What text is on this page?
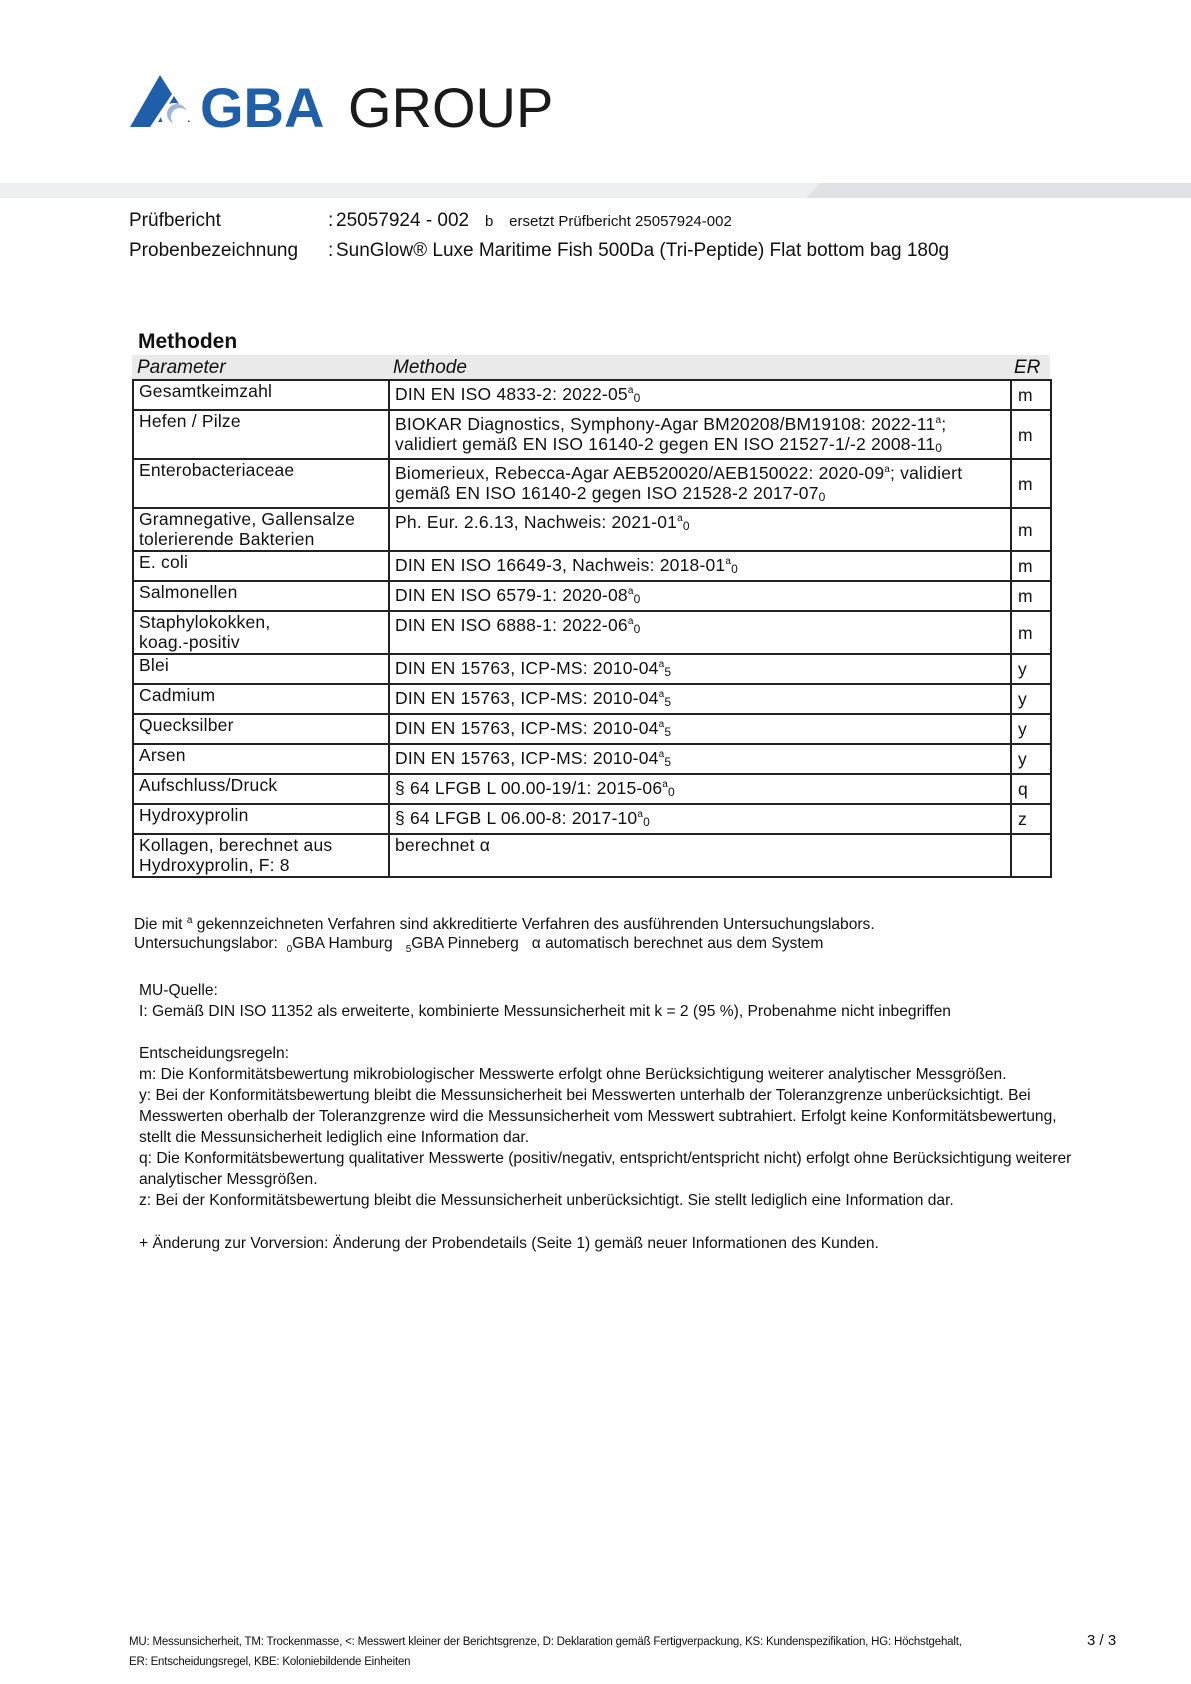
GBA GROUP
Prüfbericht	: 25057924 - 002 b ersetzt Prüfbericht 25057924-002
Probenbezeichnung : SunGlow® Luxe Maritime Fish 500Da (Tri-Peptide) Flat bottom bag 180g
Methoden
Parameter	Methode	ER
Gesamtkeimzahl	DIN EN ISO 4833-2: $2022-05^a_0$	m

Hefen / Pilze	BIOKAR Diagnostics, Symphony-Agar BM20208/BM19108: 2022-11$^a$;
validiert gemäß EN ISO 16140-2 gegen EN ISO 21527-1/-2 $2008-11_0$	m

Enterobacteriaceae	Biomerieux, Rebecca-Agar AEB520020/AEB150022: 2020-09$^a$; validiert
gemäß EN ISO 16140-2 gegen ISO 21528-2 $2017-07_0$	m

Gramnegative, Gallensalze
tolerierende Bakterien	Ph. Eur. 2.6.13, Nachweis: $2021-01^a_0$	m

E. coli	DIN EN ISO 16649-3, Nachweis: $2018-01^a_0$	m

Salmonellen	DIN EN ISO 6579-1: $2020-08^a_0$	m

Staphylokokken,
koag.-positiv	DIN EN ISO 6888-1: $2022-06^a_0$	m

Blei	DIN EN 15763, ICP-MS: $2010-04^a_5$	y

Cadmium	DIN EN 15763, ICP-MS: $2010-04^a_5$	y

Quecksilber	DIN EN 15763, ICP-MS: $2010-04^a_5$	y

Arsen	DIN EN 15763, ICP-MS: $2010-04^a_5$	y

Aufschluss/Druck	§ 64 LFGB L 00.00-19/1: $2015-06^a_0$	q

Hydroxyprolin	§ 64 LFGB L 06.00-8: $2017-10^a_0$	z

Kollagen, berechnet aus
Hydroxyprolin, F: 8	berechnet α	

Die mit $^a$ gekennzeichneten Verfahren sind akkreditierte Verfahren des ausführenden Untersuchungslabors.
Untersuchungslabor: $_0$GBA Hamburg $_5$GBA Pinneberg α automatisch berechnet aus dem System
MU-Quelle:
I: Gemäß DIN ISO 11352 als erweiterte, kombinierte Messunsicherheit mit k = 2 (95 %), Probenahme nicht inbegriffen
Entscheidungsregeln:
m: Die Konformitätsbewertung mikrobiologischer Messwerte erfolgt ohne Berücksichtigung weiterer analytischer Messgrößen.
y: Bei der Konformitätsbewertung bleibt die Messunsicherheit bei Messwerten unterhalb der Toleranzgrenze unberücksichtigt. Bei Messwerten oberhalb der Toleranzgrenze wird die Messunsicherheit vom Messwert subtrahiert. Erfolgt keine Konformitätsbewertung, stellt die Messunsicherheit lediglich eine Information dar.
q: Die Konformitätsbewertung qualitativer Messwerte (positiv/negativ, entspricht/entspricht nicht) erfolgt ohne Berücksichtigung weiterer analytischer Messgrößen.
z: Bei der Konformitätsbewertung bleibt die Messunsicherheit unberücksichtigt. Sie stellt lediglich eine Information dar.
+ Änderung zur Vorversion: Änderung der Probendetails (Seite 1) gemäß neuer Informationen des Kunden.
MU: Messunsicherheit, TM: Trockenmasse, <: Messwert kleiner der Berichtsgrenze, D: Deklaration gemäß Fertigverpackung, KS: Kundenspezifikation, HG: Höchstgehalt,
ER: Entscheidungsregel, KBE: Koloniebildende Einheiten
3 / 3
